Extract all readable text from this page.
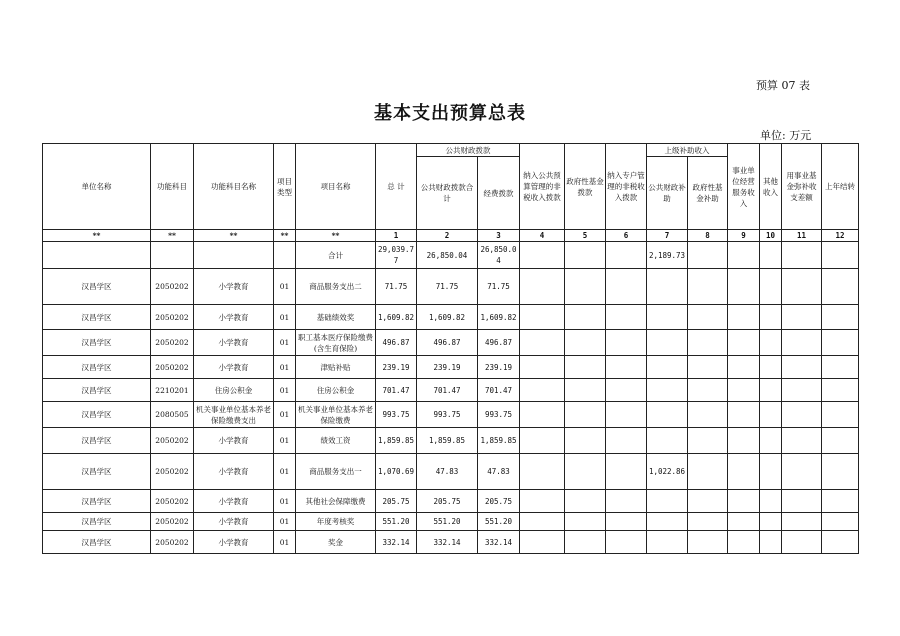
预算 07 表
基本支出预算总表
单位: 万元
单位名称	功能科目	功能科目名称	项目类型	项目名称	总 计	公共财政拨款		纳入公共预算管理的非税收入拨款	政府性基金拨款	纳入专户管理的非税收入拨款	上级补助收入		事业单位经营服务收入	其他收入	用事业基金弥补收支差额	上年结转
						公共财政拨款合计	经费拨款				公共财政补助	政府性基金补助				
**	**	**	**	**	1	2	3	4	5	6	7	8	9	10	11	12
				合计	29,039.77	26,850.04	26,850.04				2,189.73					
汉昌学区	2050202	小学教育	01	商品服务支出二	71.75	71.75	71.75									
汉昌学区	2050202	小学教育	01	基础绩效奖	1,609.82	1,609.82	1,609.82									
汉昌学区	2050202	小学教育	01	职工基本医疗保险缴费(含生育保险)	496.87	496.87	496.87									
汉昌学区	2050202	小学教育	01	津贴补贴	239.19	239.19	239.19									
汉昌学区	2210201	住房公积金	01	住房公积金	701.47	701.47	701.47									
汉昌学区	2080505	机关事业单位基本养老保险缴费支出	01	机关事业单位基本养老保险缴费	993.75	993.75	993.75									
汉昌学区	2050202	小学教育	01	绩效工资	1,859.85	1,859.85	1,859.85									
汉昌学区	2050202	小学教育	01	商品服务支出一	1,070.69	47.83	47.83				1,022.86					
汉昌学区	2050202	小学教育	01	其他社会保障缴费	205.75	205.75	205.75									
汉昌学区	2050202	小学教育	01	年度考核奖	551.20	551.20	551.20									
汉昌学区	2050202	小学教育	01	奖金	332.14	332.14	332.14									
